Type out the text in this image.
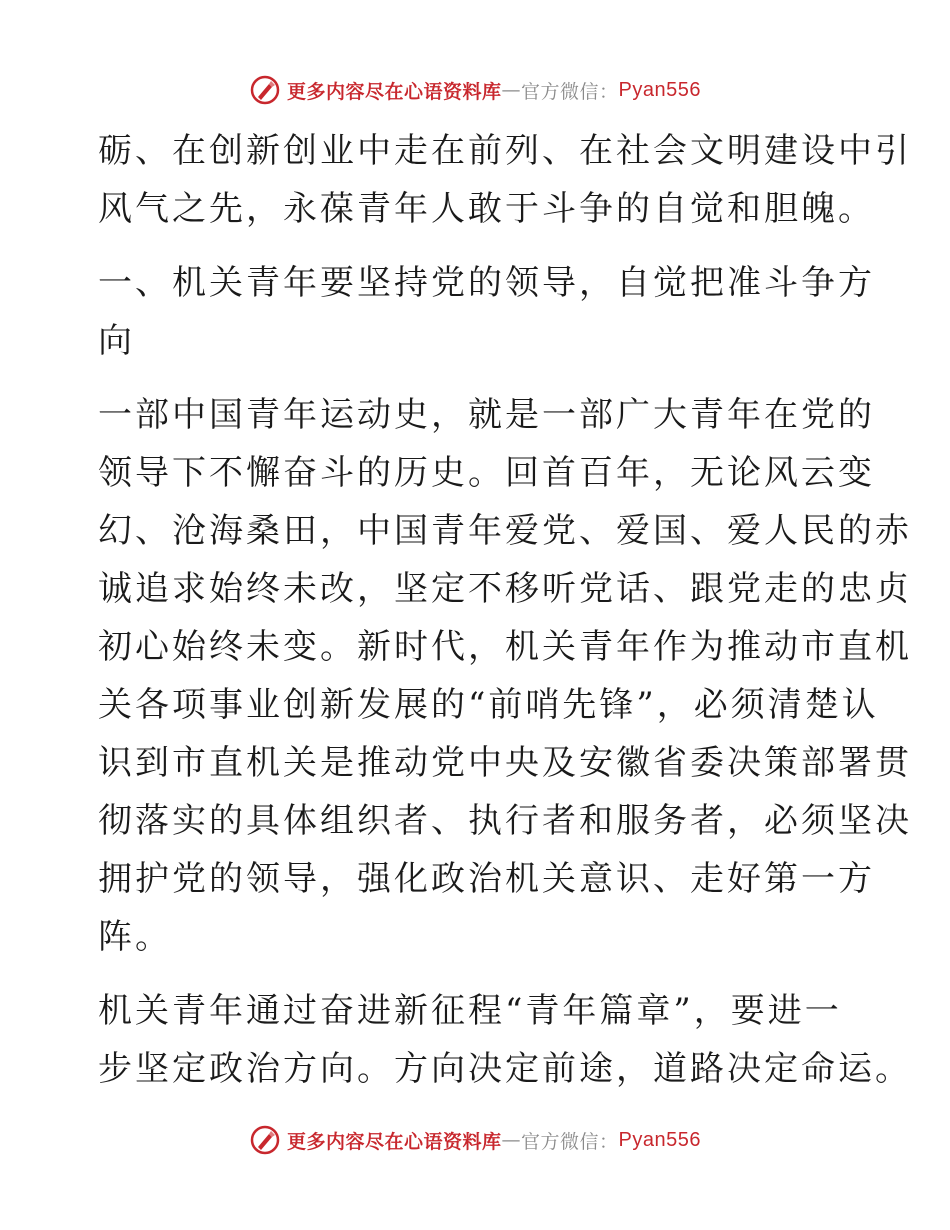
更多内容尽在心语资料库 — 官方微信： Pyan556

砺、在创新创业中走在前列、在社会文明建设中引
风气之先，永葆青年人敢于斗争的自觉和胆魄。

一、机关青年要坚持党的领导，自觉把准斗争方
向

一部中国青年运动史，就是一部广大青年在党的
领导下不懈奋斗的历史。回首百年，无论风云变
幻、沧海桑田，中国青年爱党、爱国、爱人民的赤
诚追求始终未改，坚定不移听党话、跟党走的忠贞
初心始终未变。新时代，机关青年作为推动市直机
关各项事业创新发展的“前哨先锋”，必须清楚认
识到市直机关是推动党中央及安徽省委决策部署贯
彻落实的具体组织者、执行者和服务者，必须坚决
拥护党的领导，强化政治机关意识、走好第一方
阵。

机关青年通过奋进新征程“青年篇章”，要进一
步坚定政治方向。方向决定前途，道路决定命运。

更多内容尽在心语资料库 — 官方微信： Pyan556
